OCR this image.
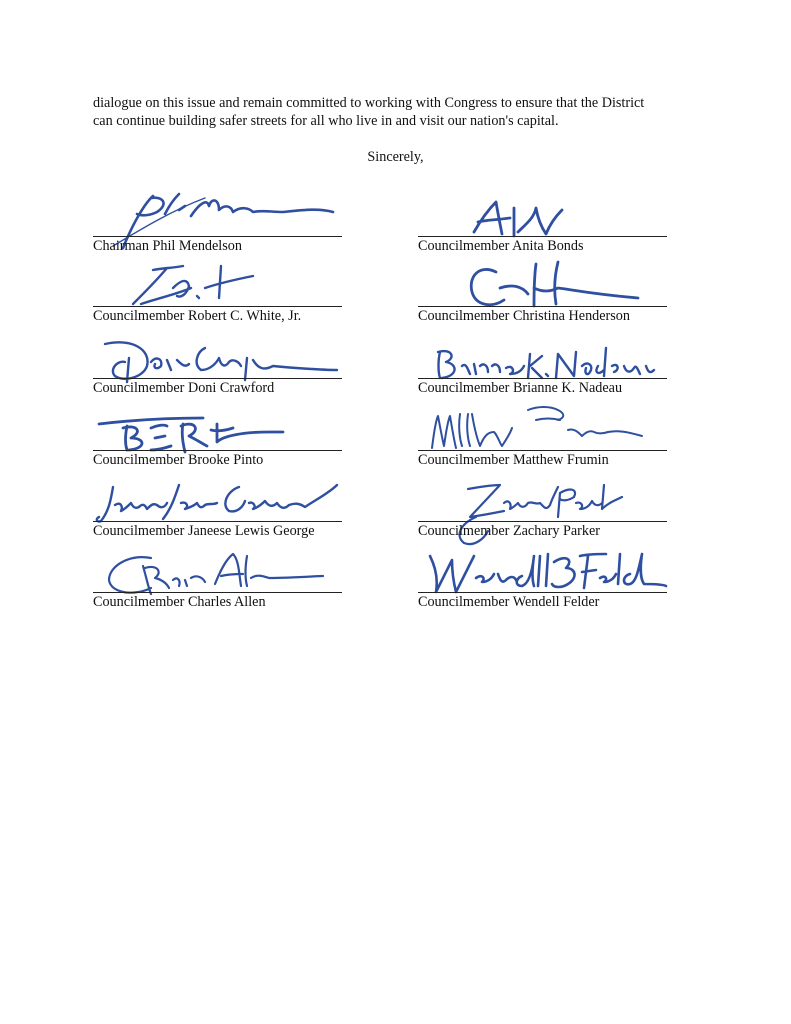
dialogue on this issue and remain committed to working with Congress to ensure that the District
can continue building safer streets for all who live in and visit our nation's capital.

Sincerely,
Chairman Phil Mendelson	Councilmember Anita Bonds
Councilmember Robert C. White, Jr.	Councilmember Christina Henderson
Councilmember Doni Crawford	Councilmember Brianne K. Nadeau
Councilmember Brooke Pinto	Councilmember Matthew Frumin
Councilmember Janeese Lewis George	Councilmember Zachary Parker
Councilmember Charles Allen	Councilmember Wendell Felder
